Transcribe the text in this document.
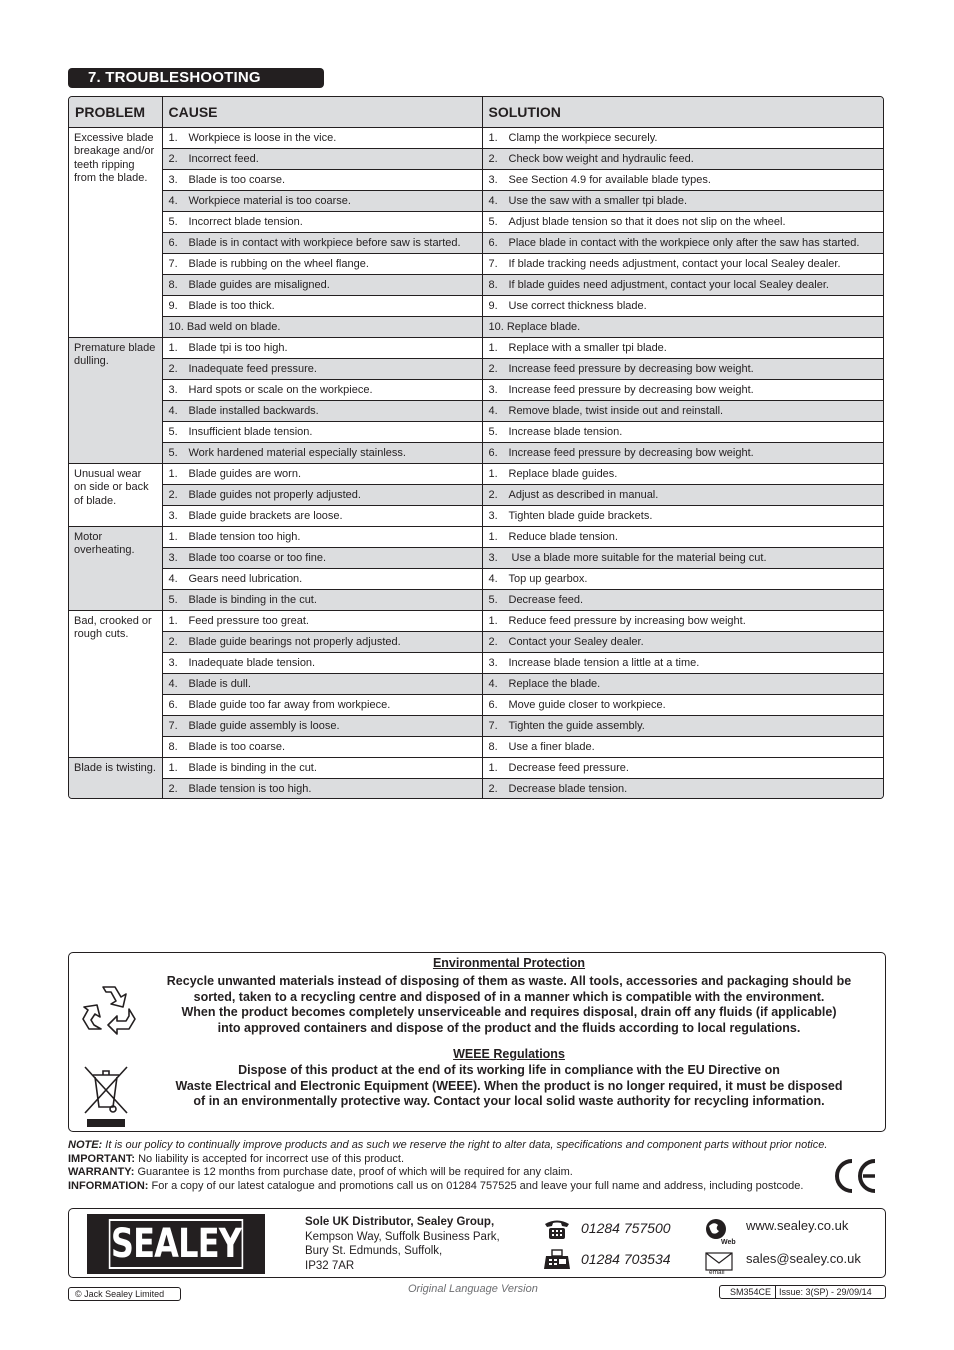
7. TROUBLESHOOTING
PROBLEM	CAUSE	SOLUTION
Excessive blade breakage and/or teeth ripping from the blade.	1. Workpiece is loose in the vice.	1. Clamp the workpiece securely.
	2. Incorrect feed.	2. Check bow weight and hydraulic feed.
	3. Blade is too coarse.	3. See Section 4.9 for available blade types.
	4. Workpiece material is too coarse.	4. Use the saw with a smaller tpi blade.
	5. Incorrect blade tension.	5. Adjust blade tension so that it does not slip on the wheel.
	6. Blade is in contact with workpiece before saw is started.	6. Place blade in contact with the workpiece only after the saw has started.
	7. Blade is rubbing on the wheel flange.	7. If blade tracking needs adjustment, contact your local Sealey dealer.
	8. Blade guides are misaligned.	8. If blade guides need adjustment, contact your local Sealey dealer.
	9. Blade is too thick.	9. Use correct thickness blade.
	10. Bad weld on blade.	10. Replace blade.
Premature blade dulling.	1. Blade tpi is too high.	1. Replace with a smaller tpi blade.
	2. Inadequate feed pressure.	2. Increase feed pressure by decreasing bow weight.
	3. Hard spots or scale on the workpiece.	3. Increase feed pressure by decreasing bow weight.
	4. Blade installed backwards.	4. Remove blade, twist inside out and reinstall.
	5. Insufficient blade tension.	5. Increase blade tension.
	5. Work hardened material especially stainless.	6. Increase feed pressure by decreasing bow weight.
Unusual wear on side or back of blade.	1. Blade guides are worn.	1. Replace blade guides.
	2. Blade guides not properly adjusted.	2. Adjust as described in manual.
	3. Blade guide brackets are loose.	3. Tighten blade guide brackets.
Motor overheating.	1. Blade tension too high.	1. Reduce blade tension.
	3. Blade too coarse or too fine.	3. Use a blade more suitable for the material being cut.
	4. Gears need lubrication.	4. Top up gearbox.
	5. Blade is binding in the cut.	5. Decrease feed.
Bad, crooked or rough cuts.	1. Feed pressure too great.	1. Reduce feed pressure by increasing bow weight.
	2. Blade guide bearings not properly adjusted.	2. Contact your Sealey dealer.
	3. Inadequate blade tension.	3. Increase blade tension a little at a time.
	4. Blade is dull.	4. Replace the blade.
	6. Blade guide too far away from workpiece.	6. Move guide closer to workpiece.
	7. Blade guide assembly is loose.	7. Tighten the guide assembly.
	8. Blade is too coarse.	8. Use a finer blade.
Blade is twisting.	1. Blade is binding in the cut.	1. Decrease feed pressure.
	2. Blade tension is too high.	2. Decrease blade tension.
Environmental Protection
Recycle unwanted materials instead of disposing of them as waste. All tools, accessories and packaging should be
sorted, taken to a recycling centre and disposed of in a manner which is compatible with the environment.
When the product becomes completely unserviceable and requires disposal, drain off any fluids (if applicable)
into approved containers and dispose of the product and the fluids according to local regulations.
WEEE Regulations
Dispose of this product at the end of its working life in compliance with the EU Directive on
Waste Electrical and Electronic Equipment (WEEE). When the product is no longer required, it must be disposed
of in an environmentally protective way. Contact your local solid waste authority for recycling information.
NOTE: It is our policy to continually improve products and as such we reserve the right to alter data, specifications and component parts without prior notice.
IMPORTANT: No liability is accepted for incorrect use of this product.
WARRANTY: Guarantee is 12 months from purchase date, proof of which will be required for any claim.
INFORMATION: For a copy of our latest catalogue and promotions call us on 01284 757525 and leave your full name and address, including postcode.
SEALEY	Sole UK Distributor, Sealey Group,
Kempson Way, Suffolk Business Park,
Bury St. Edmunds, Suffolk,
IP32 7AR
01284 757500
01284 703534
Web
www.sealey.co.uk
email
sales@sealey.co.uk
© Jack Sealey Limited	Original Language Version	SM354CE Issue: 3(SP) - 29/09/14
